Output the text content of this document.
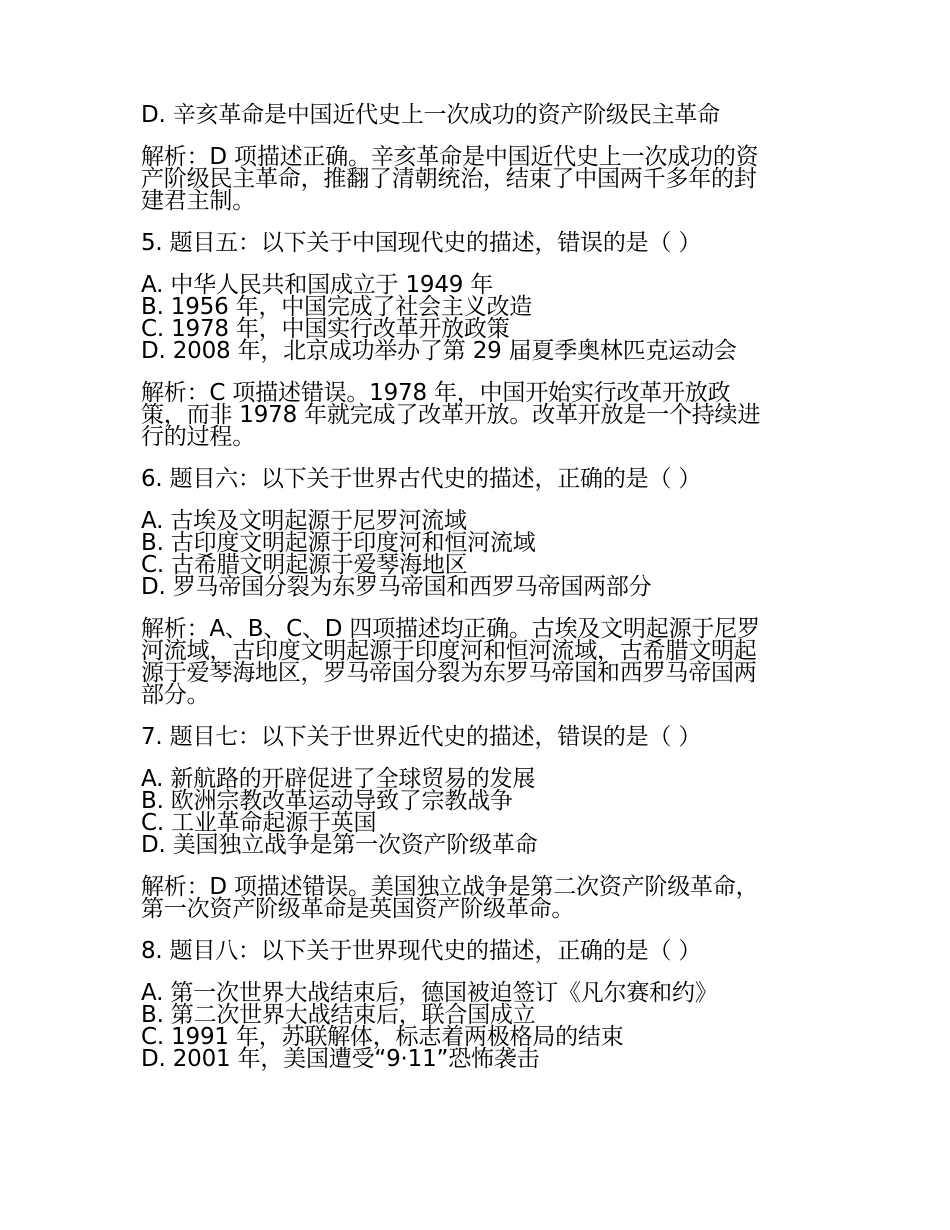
D. 辛亥革命是中国近代史上一次成功的资产阶级民主革命
解析：D 项描述正确。辛亥革命是中国近代史上一次成功的资
产阶级民主革命，推翻了清朝统治，结束了中国两千多年的封
建君主制。
5. 题目五：以下关于中国现代史的描述，错误的是（ ）
A. 中华人民共和国成立于 1949 年
B. 1956 年，中国完成了社会主义改造
C. 1978 年，中国实行改革开放政策
D. 2008 年，北京成功举办了第 29 届夏季奥林匹克运动会
解析：C 项描述错误。1978 年，中国开始实行改革开放政
策，而非 1978 年就完成了改革开放。改革开放是一个持续进
行的过程。
6. 题目六：以下关于世界古代史的描述，正确的是（ ）
A. 古埃及文明起源于尼罗河流域
B. 古印度文明起源于印度河和恒河流域
C. 古希腊文明起源于爱琴海地区
D. 罗马帝国分裂为东罗马帝国和西罗马帝国两部分
解析：A、B、C、D 四项描述均正确。古埃及文明起源于尼罗
河流域，古印度文明起源于印度河和恒河流域，古希腊文明起
源于爱琴海地区，罗马帝国分裂为东罗马帝国和西罗马帝国两
部分。
7. 题目七：以下关于世界近代史的描述，错误的是（ ）
A. 新航路的开辟促进了全球贸易的发展
B. 欧洲宗教改革运动导致了宗教战争
C. 工业革命起源于英国
D. 美国独立战争是第一次资产阶级革命
解析：D 项描述错误。美国独立战争是第二次资产阶级革命，
第一次资产阶级革命是英国资产阶级革命。
8. 题目八：以下关于世界现代史的描述，正确的是（ ）
A. 第一次世界大战结束后，德国被迫签订《凡尔赛和约》
B. 第二次世界大战结束后，联合国成立
C. 1991 年，苏联解体，标志着两极格局的结束
D. 2001 年，美国遭受“9·11”恐怖袭击
